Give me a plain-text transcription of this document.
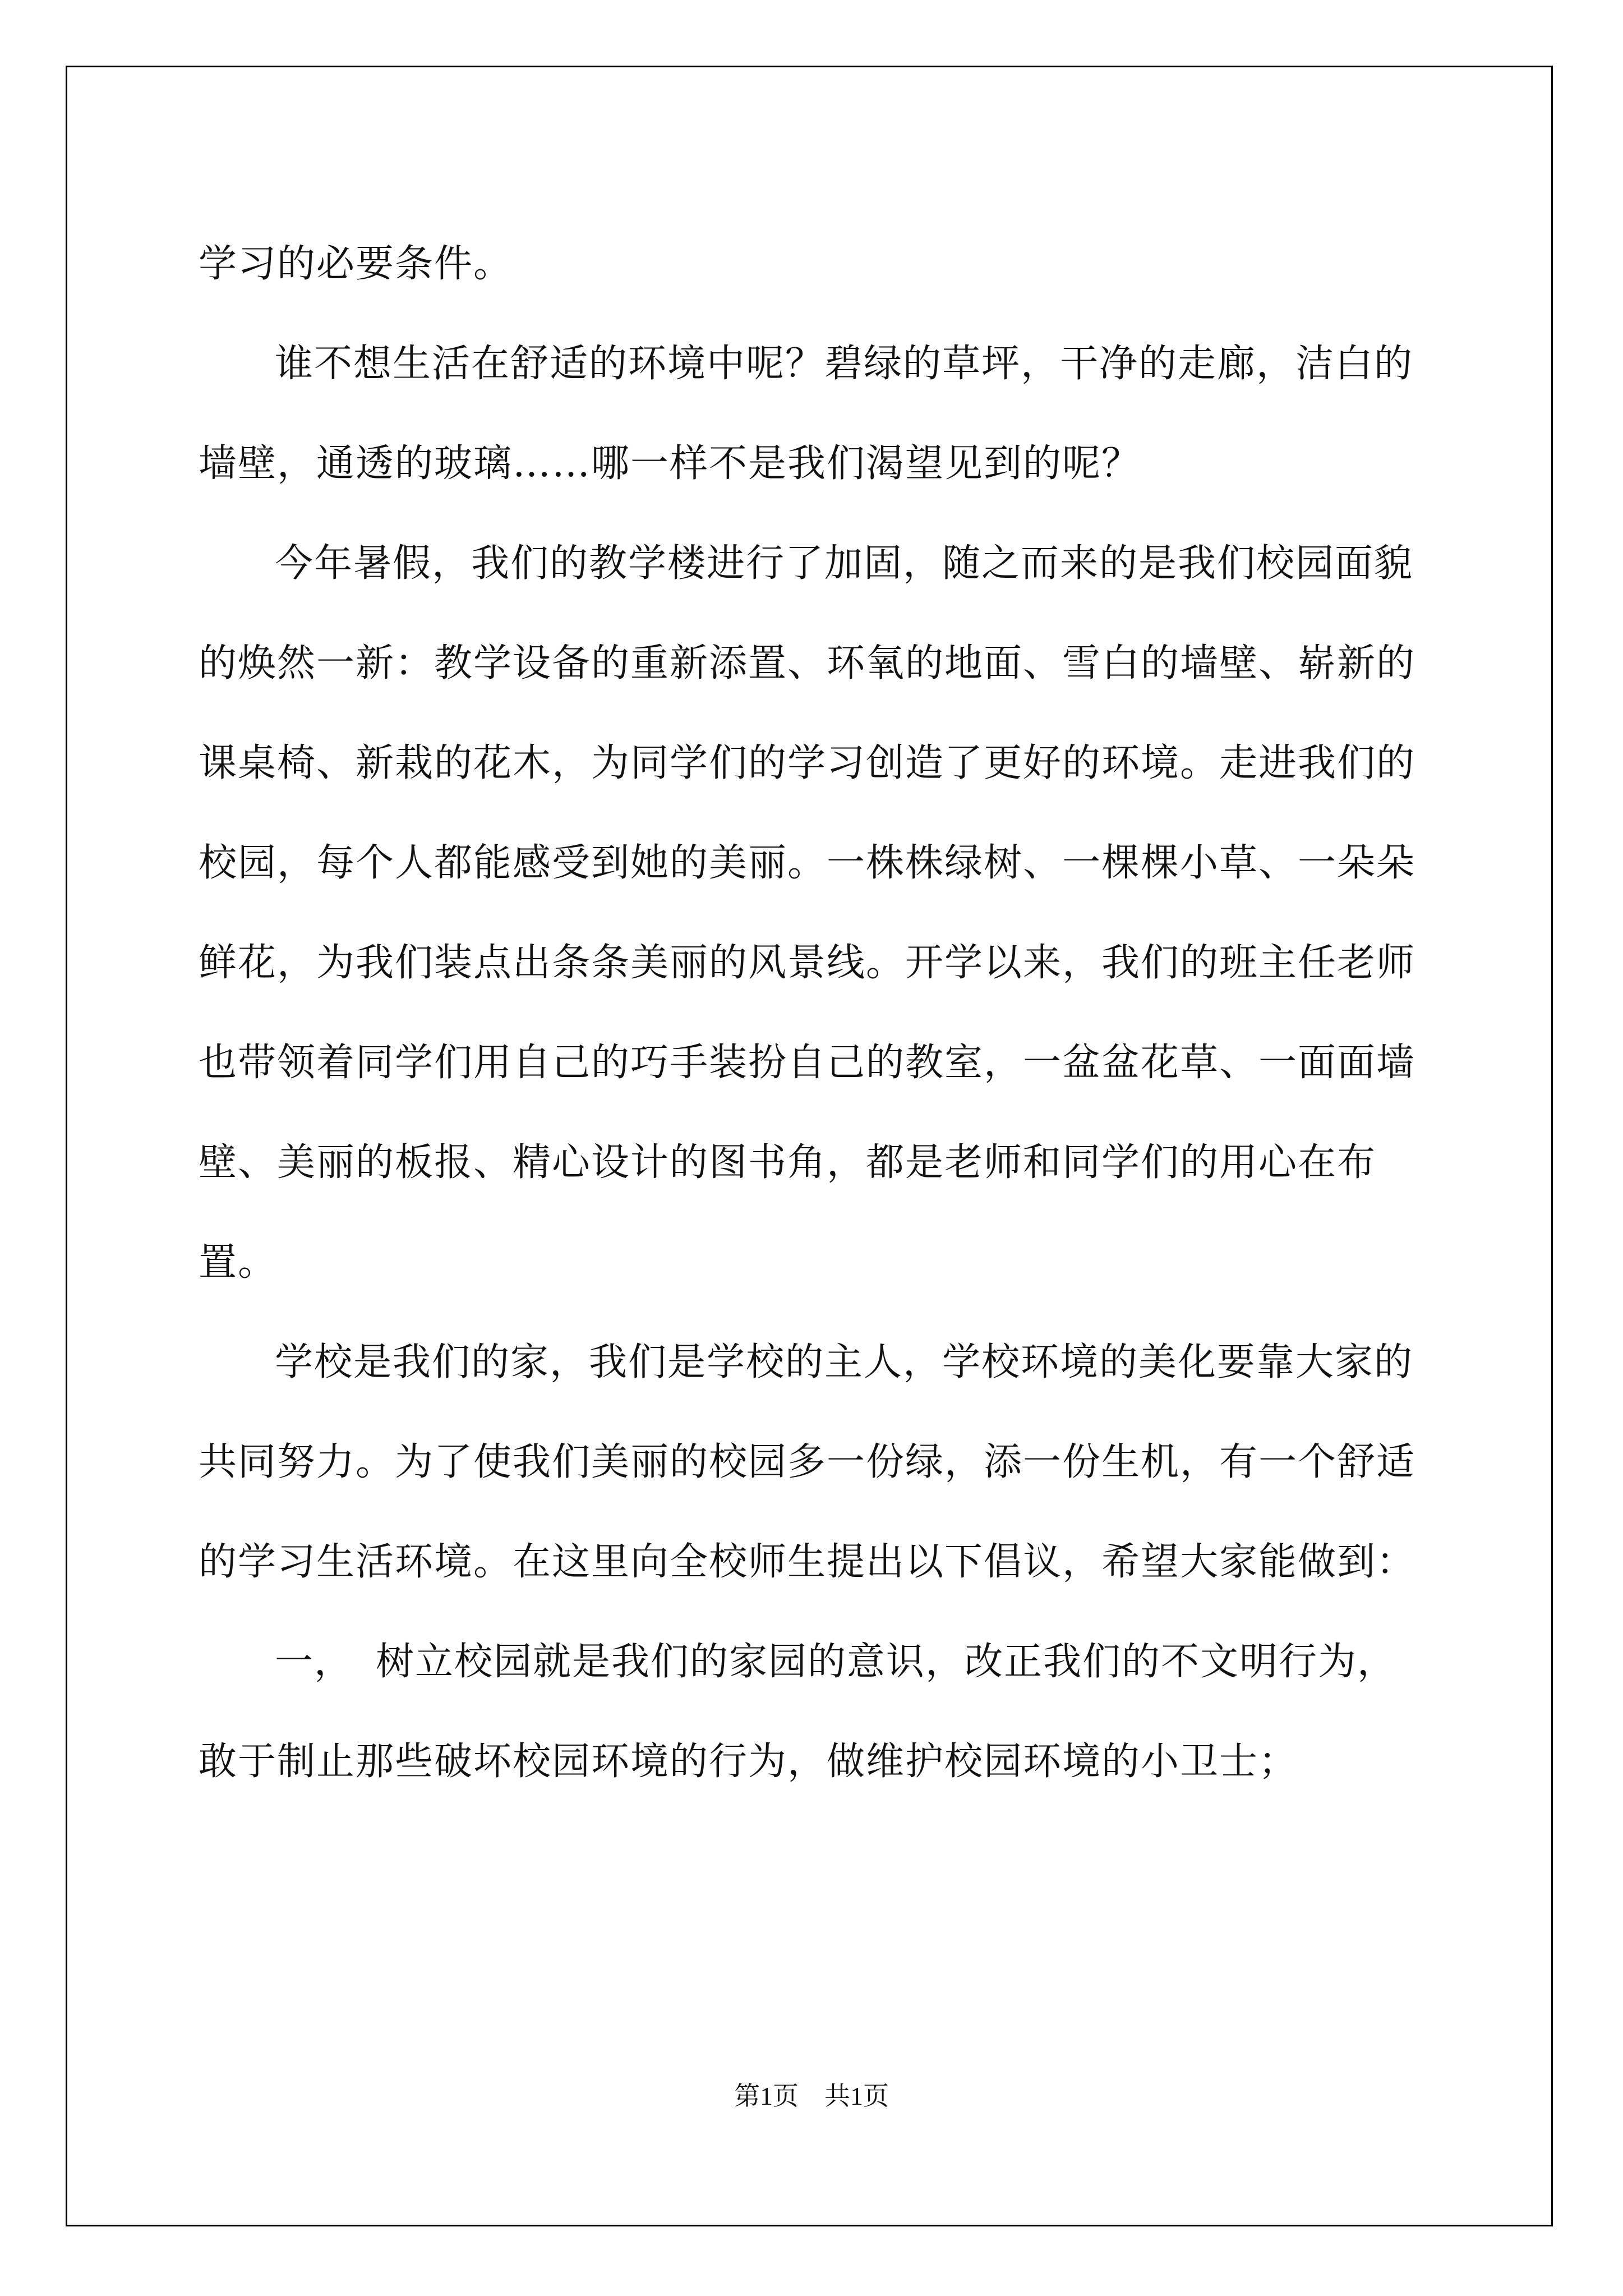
学习的必要条件。

谁不想生活在舒适的环境中呢？碧绿的草坪，干净的走廊，洁白的墙壁，通透的玻璃……哪一样不是我们渴望见到的呢？

今年暑假，我们的教学楼进行了加固，随之而来的是我们校园面貌的焕然一新：教学设备的重新添置、环氧的地面、雪白的墙壁、崭新的课桌椅、新栽的花木，为同学们的学习创造了更好的环境。走进我们的校园，每个人都能感受到她的美丽。一株株绿树、一棵棵小草、一朵朵鲜花，为我们装点出条条美丽的风景线。开学以来，我们的班主任老师也带领着同学们用自己的巧手装扮自己的教室，一盆盆花草、一面面墙壁、美丽的板报、精心设计的图书角，都是老师和同学们的用心在布置。

学校是我们的家，我们是学校的主人，学校环境的美化要靠大家的共同努力。为了使我们美丽的校园多一份绿，添一份生机，有一个舒适的学习生活环境。在这里向全校师生提出以下倡议，希望大家能做到：

一， 树立校园就是我们的家园的意识，改正我们的不文明行为，敢于制止那些破坏校园环境的行为，做维护校园环境的小卫士；

第1页 共1页
